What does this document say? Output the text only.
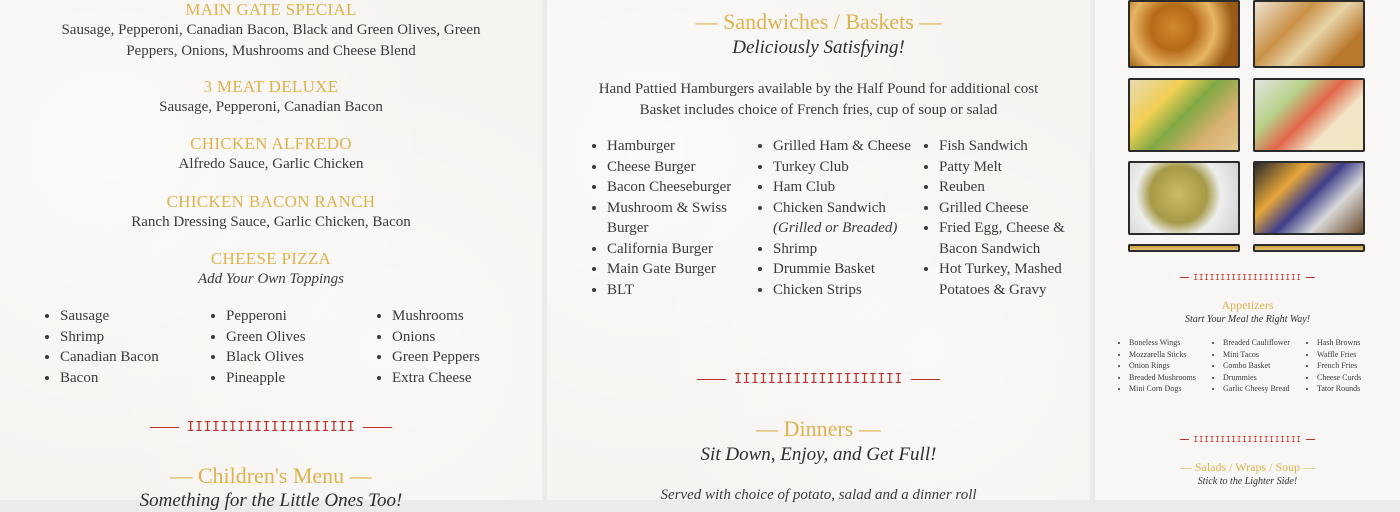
MAIN GATE SPECIAL
Sausage, Pepperoni, Canadian Bacon, Black and Green Olives, Green Peppers, Onions, Mushrooms and Cheese Blend
3 MEAT DELUXE
Sausage, Pepperoni, Canadian Bacon
CHICKEN ALFREDO
Alfredo Sauce, Garlic Chicken
CHICKEN BACON RANCH
Ranch Dressing Sauce, Garlic Chicken, Bacon
CHEESE PIZZA
Add Your Own Toppings
• Sausage
• Shrimp
• Canadian Bacon
• Bacon
• Pepperoni
• Green Olives
• Black Olives
• Pineapple
• Mushrooms
• Onions
• Green Peppers
• Extra Cheese
IIIIIIIIIIIIIIIIIIII
— Children's Menu —
Something for the Little Ones Too!
— Sandwiches / Baskets —
Deliciously Satisfying!
Hand Pattied Hamburgers available by the Half Pound for additional cost
Basket includes choice of French fries, cup of soup or salad
• Hamburger
• Cheese Burger
• Bacon Cheeseburger
• Mushroom & Swiss Burger
• California Burger
• Main Gate Burger
• BLT
• Grilled Ham & Cheese
• Turkey Club
• Ham Club
• Chicken Sandwich
(Grilled or Breaded)
• Shrimp
• Drummie Basket
• Chicken Strips
• Fish Sandwich
• Patty Melt
• Reuben
• Grilled Cheese
• Fried Egg, Cheese & Bacon Sandwich
• Hot Turkey, Mashed Potatoes & Gravy
IIIIIIIIIIIIIIIIIIII
— Dinners —
Sit Down, Enjoy, and Get Full!
Served with choice of potato, salad and a dinner roll
IIIIIIIIIIIIIIIIIIII
Appetizers
Start Your Meal the Right Way!
• Boneless Wings
• Mozzarella Sticks
• Onion Rings
• Breaded Mushrooms
• Mini Corn Dogs
• Breaded Cauliflower
• Mini Tacos
• Combo Basket
• Drummies
• Garlic Cheesy Bread
• Hash Browns
• Waffle Fries
• French Fries
• Cheese Curds
• Tator Rounds
IIIIIIIIIIIIIIIIIIII
— Salads / Wraps / Soup —
Stick to the Lighter Side!
